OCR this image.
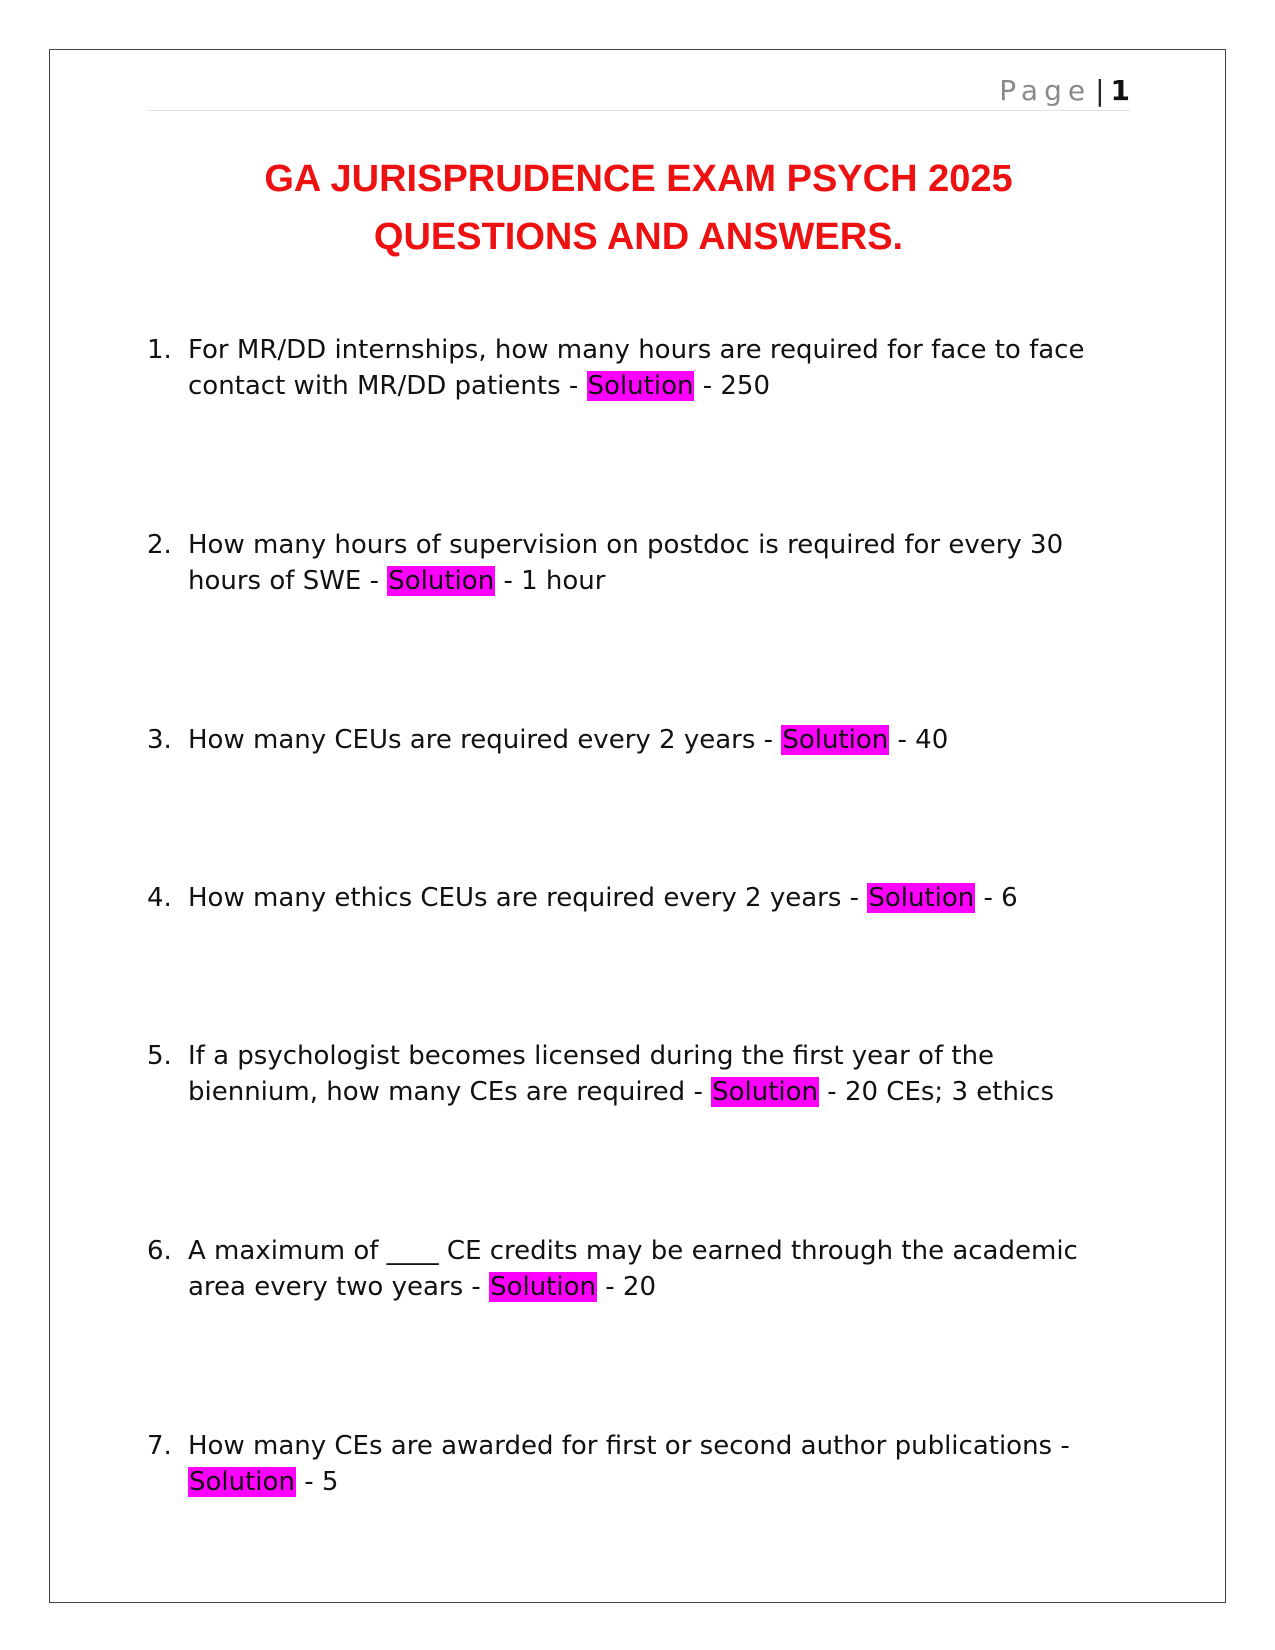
Page | 1
GA JURISPRUDENCE EXAM PSYCH 2025
QUESTIONS AND ANSWERS.
1. For MR/DD internships, how many hours are required for face to face contact with MR/DD patients - Solution - 250
2. How many hours of supervision on postdoc is required for every 30 hours of SWE - Solution - 1 hour
3. How many CEUs are required every 2 years - Solution - 40
4. How many ethics CEUs are required every 2 years - Solution - 6
5. If a psychologist becomes licensed during the first year of the biennium, how many CEs are required - Solution - 20 CEs; 3 ethics
6. A maximum of ____ CE credits may be earned through the academic area every two years - Solution - 20
7. How many CEs are awarded for first or second author publications - Solution - 5
